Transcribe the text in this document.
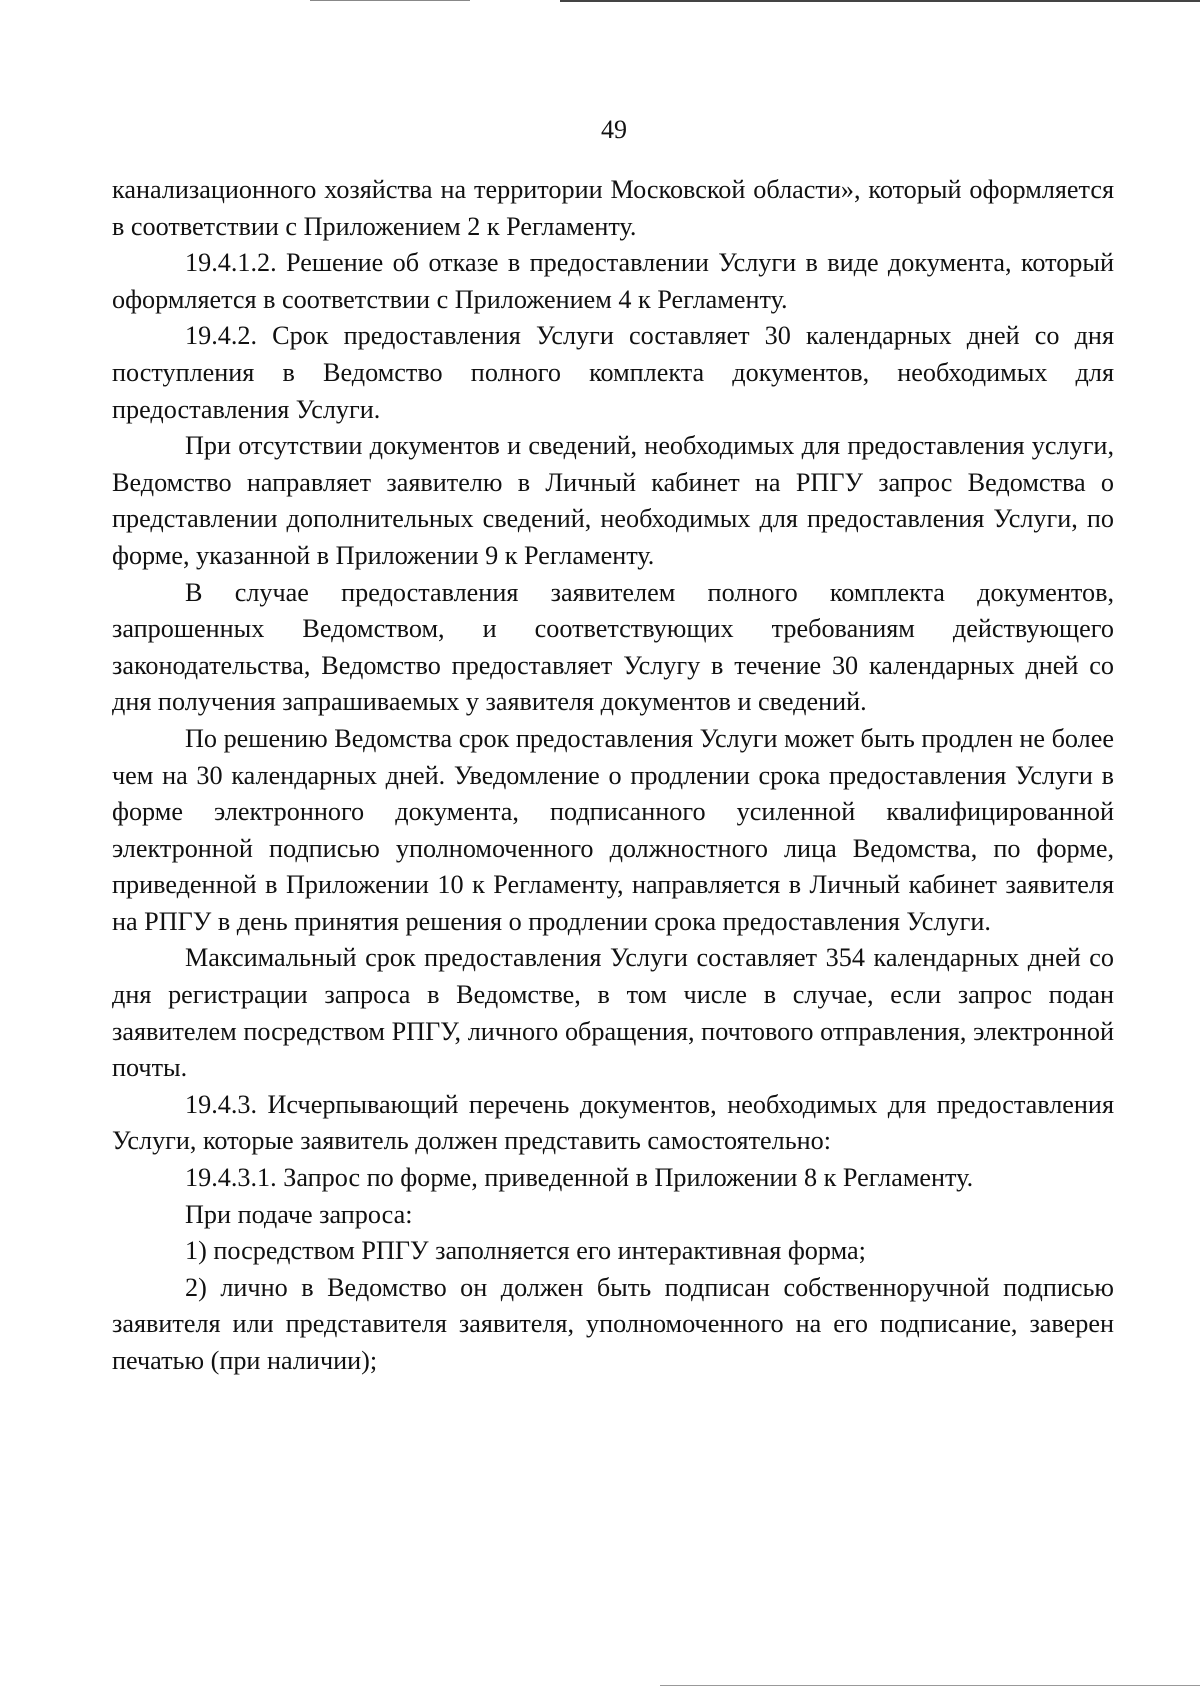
49

канализационного хозяйства на территории Московской области», который оформляется в соответствии с Приложением 2 к Регламенту.

19.4.1.2. Решение об отказе в предоставлении Услуги в виде документа, который оформляется в соответствии с Приложением 4 к Регламенту.

19.4.2. Срок предоставления Услуги составляет 30 календарных дней со дня поступления в Ведомство полного комплекта документов, необходимых для предоставления Услуги.

При отсутствии документов и сведений, необходимых для предоставления услуги, Ведомство направляет заявителю в Личный кабинет на РПГУ запрос Ведомства о представлении дополнительных сведений, необходимых для предоставления Услуги, по форме, указанной в Приложении 9 к Регламенту.

В случае предоставления заявителем полного комплекта документов, запрошенных Ведомством, и соответствующих требованиям действующего законодательства, Ведомство предоставляет Услугу в течение 30 календарных дней со дня получения запрашиваемых у заявителя документов и сведений.

По решению Ведомства срок предоставления Услуги может быть продлен не более чем на 30 календарных дней. Уведомление о продлении срока предоставления Услуги в форме электронного документа, подписанного усиленной квалифицированной электронной подписью уполномоченного должностного лица Ведомства, по форме, приведенной в Приложении 10 к Регламенту, направляется в Личный кабинет заявителя на РПГУ в день принятия решения о продлении срока предоставления Услуги.

Максимальный срок предоставления Услуги составляет 354 календарных дней со дня регистрации запроса в Ведомстве, в том числе в случае, если запрос подан заявителем посредством РПГУ, личного обращения, почтового отправления, электронной почты.

19.4.3. Исчерпывающий перечень документов, необходимых для предоставления Услуги, которые заявитель должен представить самостоятельно:

19.4.3.1. Запрос по форме, приведенной в Приложении 8 к Регламенту.

При подаче запроса:

1) посредством РПГУ заполняется его интерактивная форма;

2) лично в Ведомство он должен быть подписан собственноручной подписью заявителя или представителя заявителя, уполномоченного на его подписание, заверен печатью (при наличии);
